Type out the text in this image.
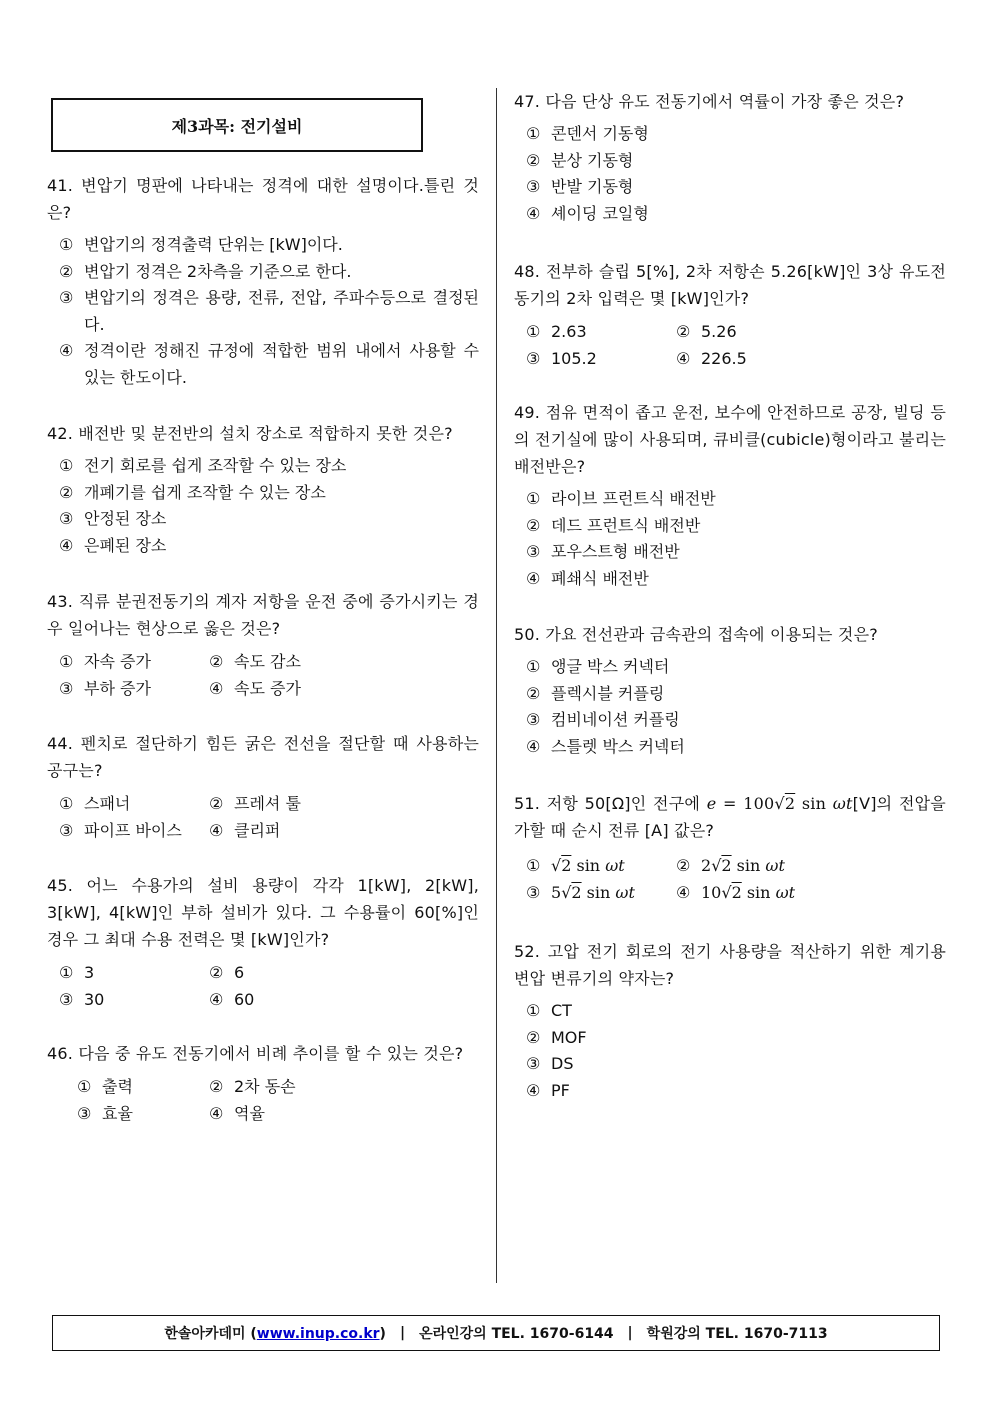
제3과목: 전기설비

41. 변압기 명판에 나타내는 정격에 대한 설명이다.틀린 것은?

① 변압기의 정격출력 단위는 [kW]이다.
② 변압기 정격은 2차측을 기준으로 한다.
③ 변압기의 정격은 용량, 전류, 전압, 주파수등으로 결정된다.
④ 정격이란 정해진 규정에 적합한 범위 내에서 사용할 수 있는 한도이다.

42. 배전반 및 분전반의 설치 장소로 적합하지 못한 것은?

① 전기 회로를 쉽게 조작할 수 있는 장소
② 개폐기를 쉽게 조작할 수 있는 장소
③ 안정된 장소
④ 은폐된 장소

43. 직류 분권전동기의 계자 저항을 운전 중에 증가시키는 경우 일어나는 현상으로 옳은 것은?

① 자속 증가	② 속도 감소
③ 부하 증가	④ 속도 증가

44. 펜치로 절단하기 힘든 굵은 전선을 절단할 때 사용하는 공구는?

① 스패너	② 프레셔 툴
③ 파이프 바이스 ④ 클리퍼

45. 어느 수용가의 설비 용량이 각각 1[kW], 2[kW], 3[kW], 4[kW]인 부하 설비가 있다. 그 수용률이 60[%]인 경우 그 최대 수용 전력은 몇 [kW]인가?

① 3	② 6
③ 30	④ 60

46. 다음 중 유도 전동기에서 비례 추이를 할 수 있는 것은?

① 출력	② 2차 동손
③ 효율	④ 역율

47. 다음 단상 유도 전동기에서 역률이 가장 좋은 것은?

① 콘덴서 기동형
② 분상 기동형
③ 반발 기동형
④ 셰이딩 코일형

48. 전부하 슬립 5[%], 2차 저항손 5.26[kW]인 3상 유도전동기의 2차 입력은 몇 [kW]인가?

① 2.63	② 5.26
③ 105.2	④ 226.5

49. 점유 면적이 좁고 운전, 보수에 안전하므로 공장, 빌딩 등의 전기실에 많이 사용되며, 큐비클(cubicle)형이라고 불리는 배전반은?

① 라이브 프런트식 배전반
② 데드 프런트식 배전반
③ 포우스트형 배전반
④ 폐쇄식 배전반

50. 가요 전선관과 금속관의 접속에 이용되는 것은?

① 앵글 박스 커넥터
② 플렉시블 커플링
③ 컴비네이션 커플링
④ 스틀렛 박스 커넥터

51. 저항 50[Ω]인 전구에 e = 100√2 sin ωt[V]의 전압을 가할 때 순시 전류 [A] 값은?

① √2 sin ωt	② 2√2 sin ωt
③ 5√2 sin ωt	④ 10√2 sin ωt

52. 고압 전기 회로의 전기 사용량을 적산하기 위한 계기용 변압 변류기의 약자는?

① CT
② MOF
③ DS
④ PF
한솔아카데미 (www.inup.co.kr) | 온라인강의 TEL. 1670-6144 | 학원강의 TEL. 1670-7113
